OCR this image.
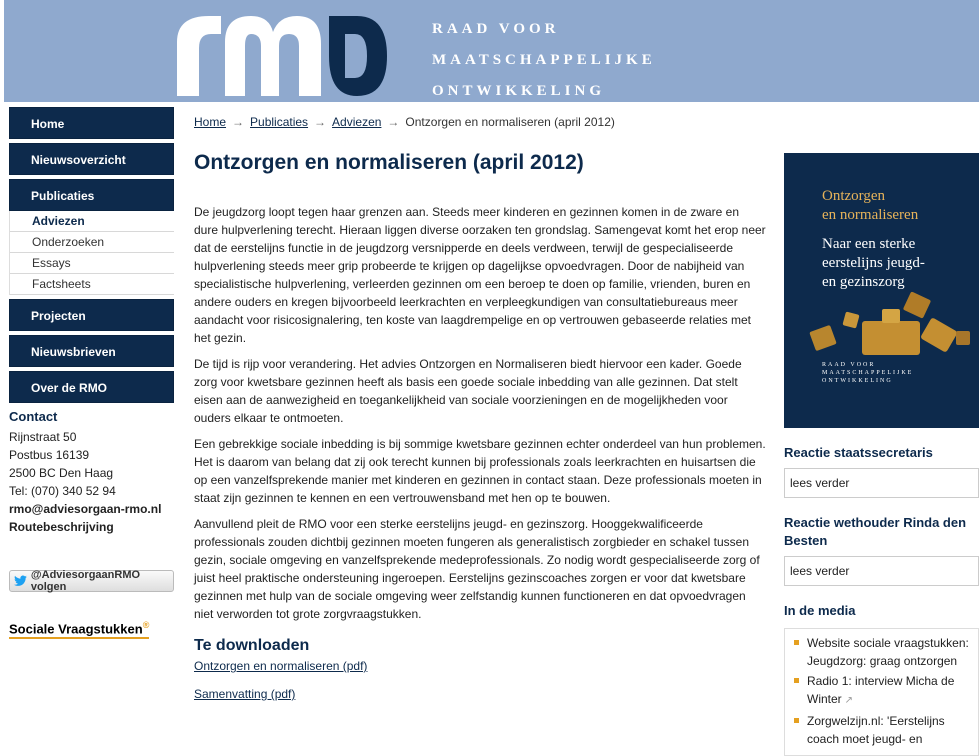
RAAD VOOR
MAATSCHAPPELIJKE
ONTWIKKELING
Home
Nieuwsoverzicht
Publicaties
Adviezen
Onderzoeken
Essays
Factsheets
Projecten
Nieuwsbrieven
Over de RMO
Contact
Rijnstraat 50
Postbus 16139
2500 BC Den Haag
Tel: (070) 340 52 94
rmo@adviesorgaan-rmo.nl
Routebeschrijving
@AdviesorgaanRMO volgen
Sociale Vraagstukken®
Home → Publicaties → Adviezen → Ontzorgen en normaliseren (april 2012)
Ontzorgen en normaliseren (april 2012)

De jeugdzorg loopt tegen haar grenzen aan. Steeds meer kinderen en gezinnen komen in de zware en dure hulpverlening terecht. Hieraan liggen diverse oorzaken ten grondslag. Samengevat komt het erop neer dat de eerstelijns functie in de jeugdzorg versnipperde en deels verdween, terwijl de gespecialiseerde hulpverlening steeds meer grip probeerde te krijgen op dagelijkse opvoedvragen. Door de nabijheid van specialistische hulpverlening, verleerden gezinnen om een beroep te doen op familie, vrienden, buren en andere ouders en kregen bijvoorbeeld leerkrachten en verpleegkundigen van consultatiebureaus meer aandacht voor risicosignalering, ten koste van laagdrempelige en op vertrouwen gebaseerde relaties met het gezin.

De tijd is rijp voor verandering. Het advies Ontzorgen en Normaliseren biedt hiervoor een kader. Goede zorg voor kwetsbare gezinnen heeft als basis een goede sociale inbedding van alle gezinnen. Dat stelt eisen aan de aanwezigheid en toegankelijkheid van sociale voorzieningen en de mogelijkheden voor ouders elkaar te ontmoeten.

Een gebrekkige sociale inbedding is bij sommige kwetsbare gezinnen echter onderdeel van hun problemen. Het is daarom van belang dat zij ook terecht kunnen bij professionals zoals leerkrachten en huisartsen die op een vanzelfsprekende manier met kinderen en gezinnen in contact staan. Deze professionals moeten in staat zijn gezinnen te kennen en een vertrouwensband met hen op te bouwen.

Aanvullend pleit de RMO voor een sterke eerstelijns jeugd- en gezinszorg. Hooggekwalificeerde professionals zouden dichtbij gezinnen moeten fungeren als generalistisch zorgbieder en schakel tussen gezin, sociale omgeving en vanzelfsprekende medeprofessionals. Zo nodig wordt gespecialiseerde zorg of juist heel praktische ondersteuning ingeroepen. Eerstelijns gezinscoaches zorgen er voor dat kwetsbare gezinnen met hulp van de sociale omgeving weer zelfstandig kunnen functioneren en dat opvoedvragen niet verworden tot grote zorgvraagstukken.

Te downloaden
Ontzorgen en normaliseren (pdf)
Samenvatting (pdf)
Ontzorgen
en normaliseren
Naar een sterke
eerstelijns jeugd-
en gezinszorg
RAAD VOOR
MAATSCHAPPELIJKE
ONTWIKKELING
Reactie staatssecretaris
lees verder
Reactie wethouder Rinda den Besten
lees verder
In de media
Website sociale vraagstukken: Jeugdzorg: graag ontzorgen
Radio 1: interview Micha de Winter ↗
Zorgwelzijn.nl: 'Eerstelijns coach moet jeugd- en
